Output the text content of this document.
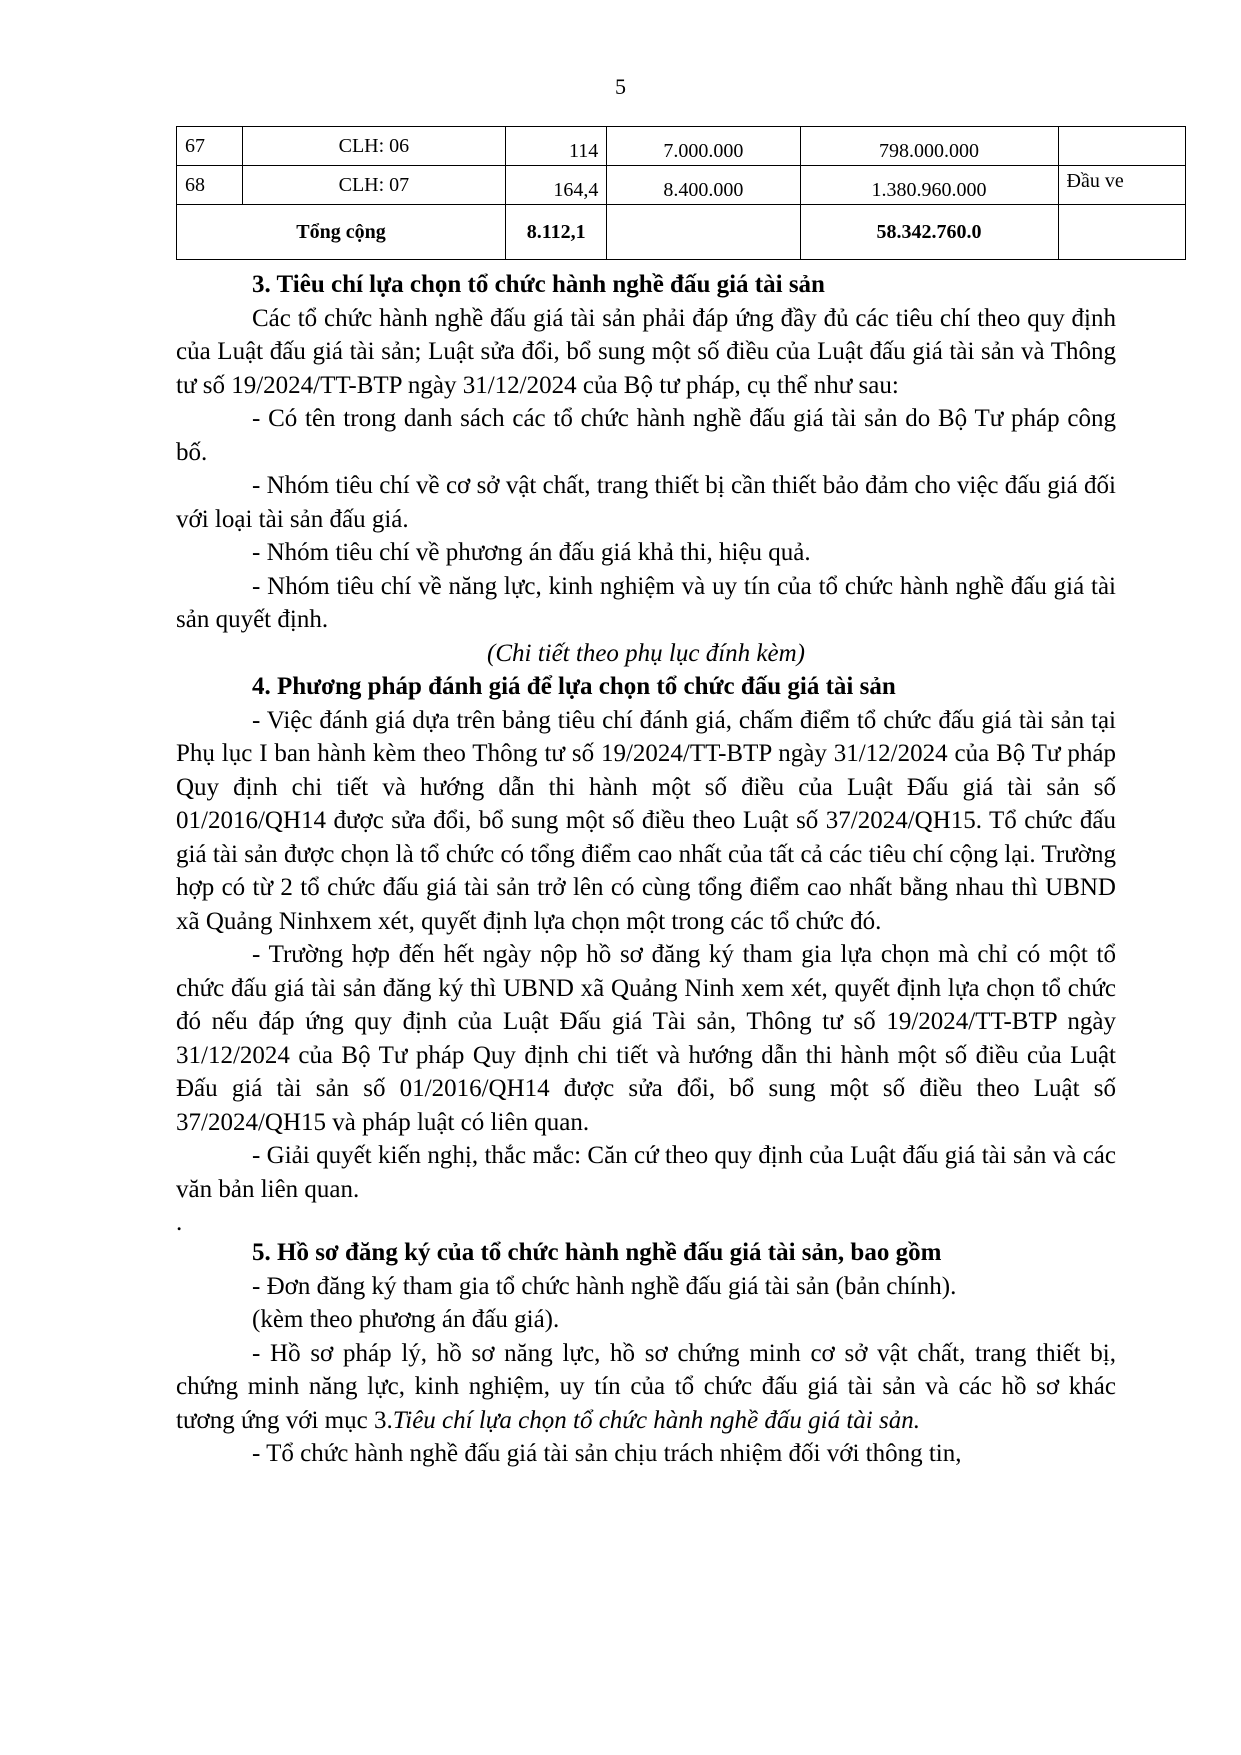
5
67	CLH: 06	114	7.000.000	798.000.000	
68	CLH: 07	164,4	8.400.000	1.380.960.000	Đầu ve
Tổng cộng		8.112,1		58.342.760.0	

3. Tiêu chí lựa chọn tổ chức hành nghề đấu giá tài sản

Các tổ chức hành nghề đấu giá tài sản phải đáp ứng đầy đủ các tiêu chí theo quy định của Luật đấu giá tài sản; Luật sửa đổi, bổ sung một số điều của Luật đấu giá tài sản và Thông tư số 19/2024/TT-BTP ngày 31/12/2024 của Bộ tư pháp, cụ thể như sau:

- Có tên trong danh sách các tổ chức hành nghề đấu giá tài sản do Bộ Tư pháp công bố.

- Nhóm tiêu chí về cơ sở vật chất, trang thiết bị cần thiết bảo đảm cho việc đấu giá đối với loại tài sản đấu giá.

- Nhóm tiêu chí về phương án đấu giá khả thi, hiệu quả.

- Nhóm tiêu chí về năng lực, kinh nghiệm và uy tín của tổ chức hành nghề đấu giá tài sản quyết định.

(Chi tiết theo phụ lục đính kèm)

4. Phương pháp đánh giá để lựa chọn tổ chức đấu giá tài sản

- Việc đánh giá dựa trên bảng tiêu chí đánh giá, chấm điểm tổ chức đấu giá tài sản tại Phụ lục I ban hành kèm theo Thông tư số 19/2024/TT-BTP ngày 31/12/2024 của Bộ Tư pháp Quy định chi tiết và hướng dẫn thi hành một số điều của Luật Đấu giá tài sản số 01/2016/QH14 được sửa đổi, bổ sung một số điều theo Luật số 37/2024/QH15. Tổ chức đấu giá tài sản được chọn là tổ chức có tổng điểm cao nhất của tất cả các tiêu chí cộng lại. Trường hợp có từ 2 tổ chức đấu giá tài sản trở lên có cùng tổng điểm cao nhất bằng nhau thì UBND xã Quảng Ninhxem xét, quyết định lựa chọn một trong các tổ chức đó.

- Trường hợp đến hết ngày nộp hồ sơ đăng ký tham gia lựa chọn mà chỉ có một tổ chức đấu giá tài sản đăng ký thì UBND xã Quảng Ninh xem xét, quyết định lựa chọn tổ chức đó nếu đáp ứng quy định của Luật Đấu giá Tài sản, Thông tư số 19/2024/TT-BTP ngày 31/12/2024 của Bộ Tư pháp Quy định chi tiết và hướng dẫn thi hành một số điều của Luật Đấu giá tài sản số 01/2016/QH14 được sửa đổi, bổ sung một số điều theo Luật số 37/2024/QH15 và pháp luật có liên quan.

- Giải quyết kiến nghị, thắc mắc: Căn cứ theo quy định của Luật đấu giá tài sản và các văn bản liên quan.

.

5. Hồ sơ đăng ký của tổ chức hành nghề đấu giá tài sản, bao gồm

- Đơn đăng ký tham gia tổ chức hành nghề đấu giá tài sản (bản chính).

(kèm theo phương án đấu giá).

- Hồ sơ pháp lý, hồ sơ năng lực, hồ sơ chứng minh cơ sở vật chất, trang thiết bị, chứng minh năng lực, kinh nghiệm, uy tín của tổ chức đấu giá tài sản và các hồ sơ khác tương ứng với mục 3.Tiêu chí lựa chọn tổ chức hành nghề đấu giá tài sản.

- Tổ chức hành nghề đấu giá tài sản chịu trách nhiệm đối với thông tin,
